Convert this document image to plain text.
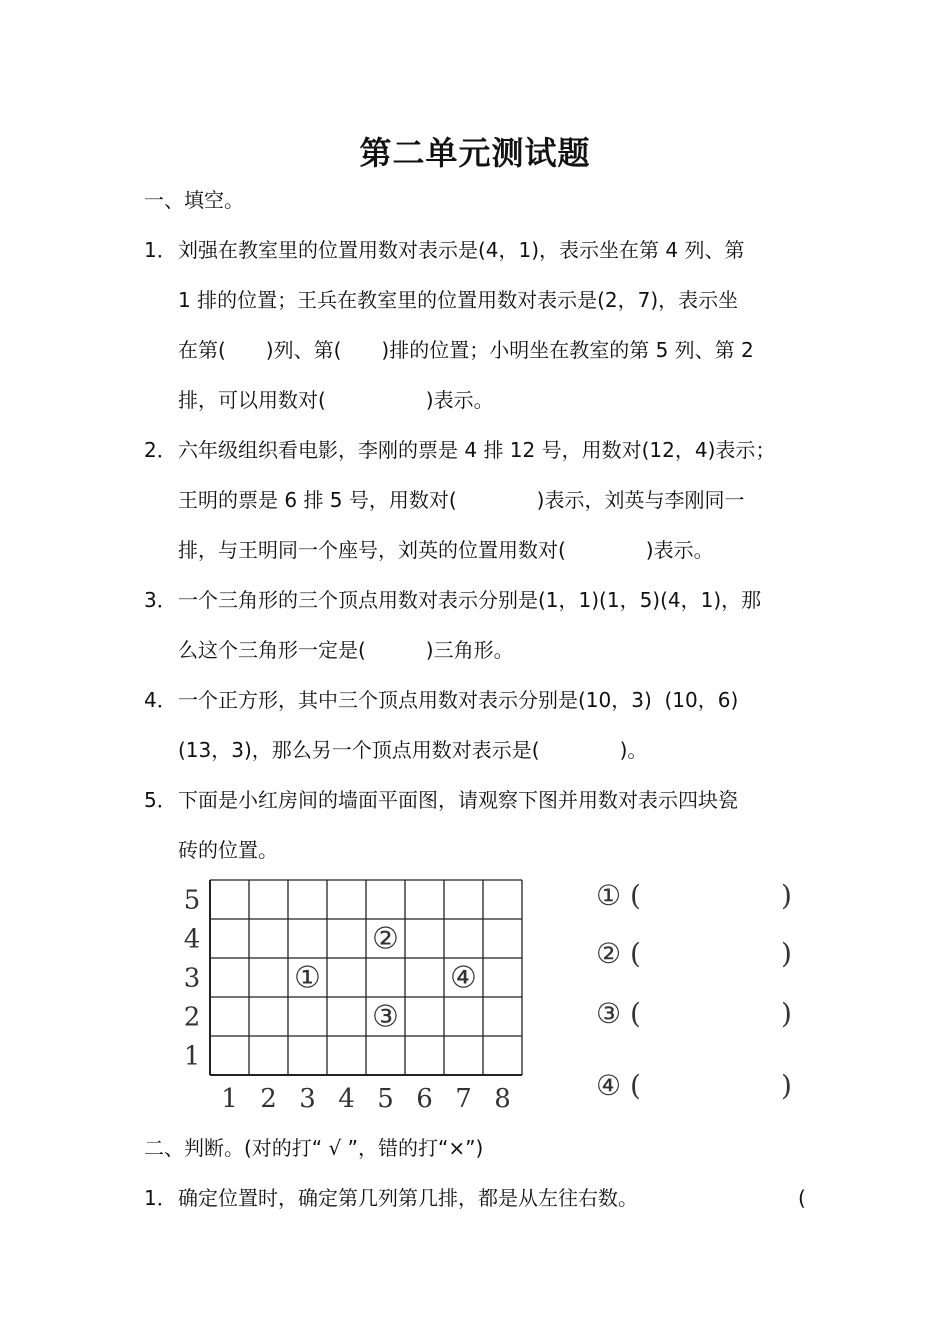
第二单元测试题
一、填空。
1．刘强在教室里的位置用数对表示是(4，1)，表示坐在第 4 列、第
1 排的位置；王兵在教室里的位置用数对表示是(2，7)，表示坐
在第(　　)列、第(　　)排的位置；小明坐在教室的第 5 列、第 2
排，可以用数对(　　　　　)表示。
2．六年级组织看电影，李刚的票是 4 排 12 号，用数对(12，4)表示；
王明的票是 6 排 5 号，用数对(　　　　)表示，刘英与李刚同一
排，与王明同一个座号，刘英的位置用数对(　　　　)表示。
3．一个三角形的三个顶点用数对表示分别是(1，1)(1，5)(4，1)，那
么这个三角形一定是(　　　)三角形。
4．一个正方形，其中三个顶点用数对表示分别是(10，3)  (10，6)
(13，3)，那么另一个顶点用数对表示是(　　　　)。
5．下面是小红房间的墙面平面图，请观察下图并用数对表示四块瓷
砖的位置。
1 2 3 4 5 6 7 8
1
2
3
4
5
①
②
③
④
① (　　　　　)
② (　　　　　)
③ (　　　　　)
④ (　　　　　)
二、判断。(对的打“ √ ”，错的打“×”)
1．确定位置时，确定第几列第几排，都是从左往右数。	(
